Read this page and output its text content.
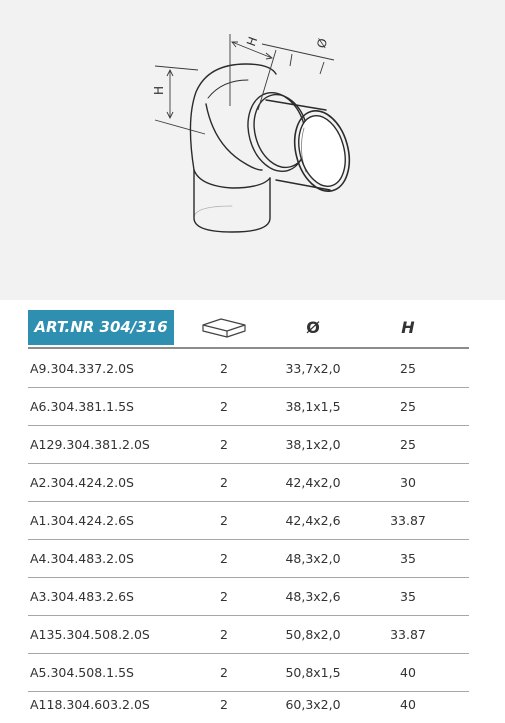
H
H	Ø
ART.NR 304/316	Ø	H
A9.304.337.2.0S	2	33,7x2,0	25
A6.304.381.1.5S	2	38,1x1,5	25
A129.304.381.2.0S	2	38,1x2,0	25
A2.304.424.2.0S	2	42,4x2,0	30
A1.304.424.2.6S	2	42,4x2,6	33.87
A4.304.483.2.0S	2	48,3x2,0	35
A3.304.483.2.6S	2	48,3x2,6	35
A135.304.508.2.0S	2	50,8x2,0	33.87
A5.304.508.1.5S	2	50,8x1,5	40
A118.304.603.2.0S	2	60,3x2,0	40
